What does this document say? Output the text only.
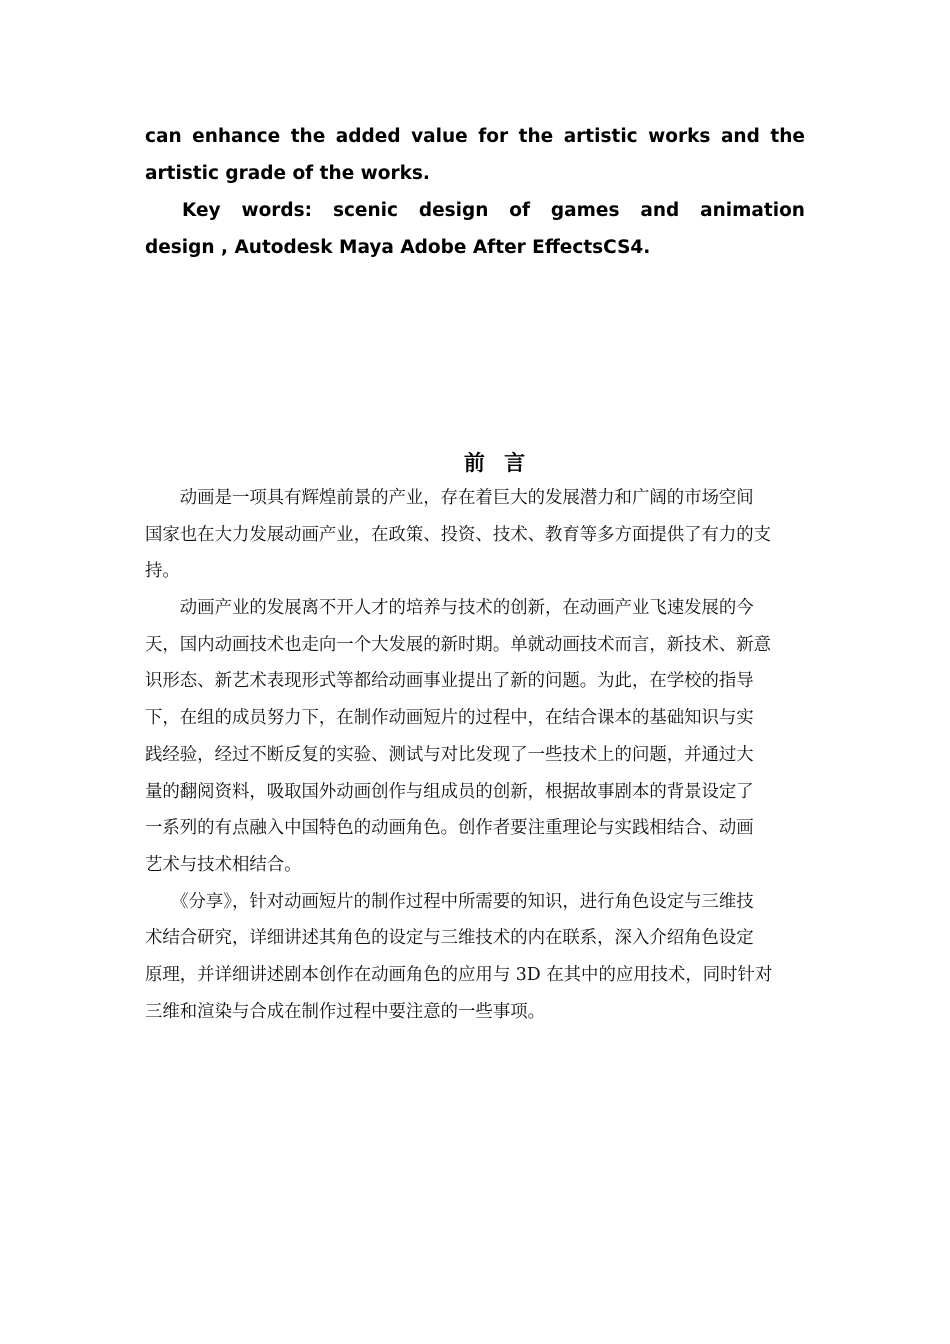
can enhance the added value for the artistic works and the
artistic grade of the works.
Key words: scenic design of games and animation
design , Autodesk Maya Adobe After EffectsCS4.
前 言
　　动画是一项具有辉煌前景的产业，存在着巨大的发展潜力和广阔的市场空间
国家也在大力发展动画产业，在政策、投资、技术、教育等多方面提供了有力的支
持。
　　动画产业的发展离不开人才的培养与技术的创新，在动画产业飞速发展的今
天，国内动画技术也走向一个大发展的新时期。单就动画技术而言，新技术、新意
识形态、新艺术表现形式等都给动画事业提出了新的问题。为此，在学校的指导
下，在组的成员努力下，在制作动画短片的过程中，在结合课本的基础知识与实
践经验，经过不断反复的实验、测试与对比发现了一些技术上的问题，并通过大
量的翻阅资料，吸取国外动画创作与组成员的创新，根据故事剧本的背景设定了
一系列的有点融入中国特色的动画角色。创作者要注重理论与实践相结合、动画
艺术与技术相结合。
　　《分享》，针对动画短片的制作过程中所需要的知识，进行角色设定与三维技
术结合研究，详细讲述其角色的设定与三维技术的内在联系，深入介绍角色设定
原理，并详细讲述剧本创作在动画角色的应用与 3D 在其中的应用技术，同时针对
三维和渲染与合成在制作过程中要注意的一些事项。
